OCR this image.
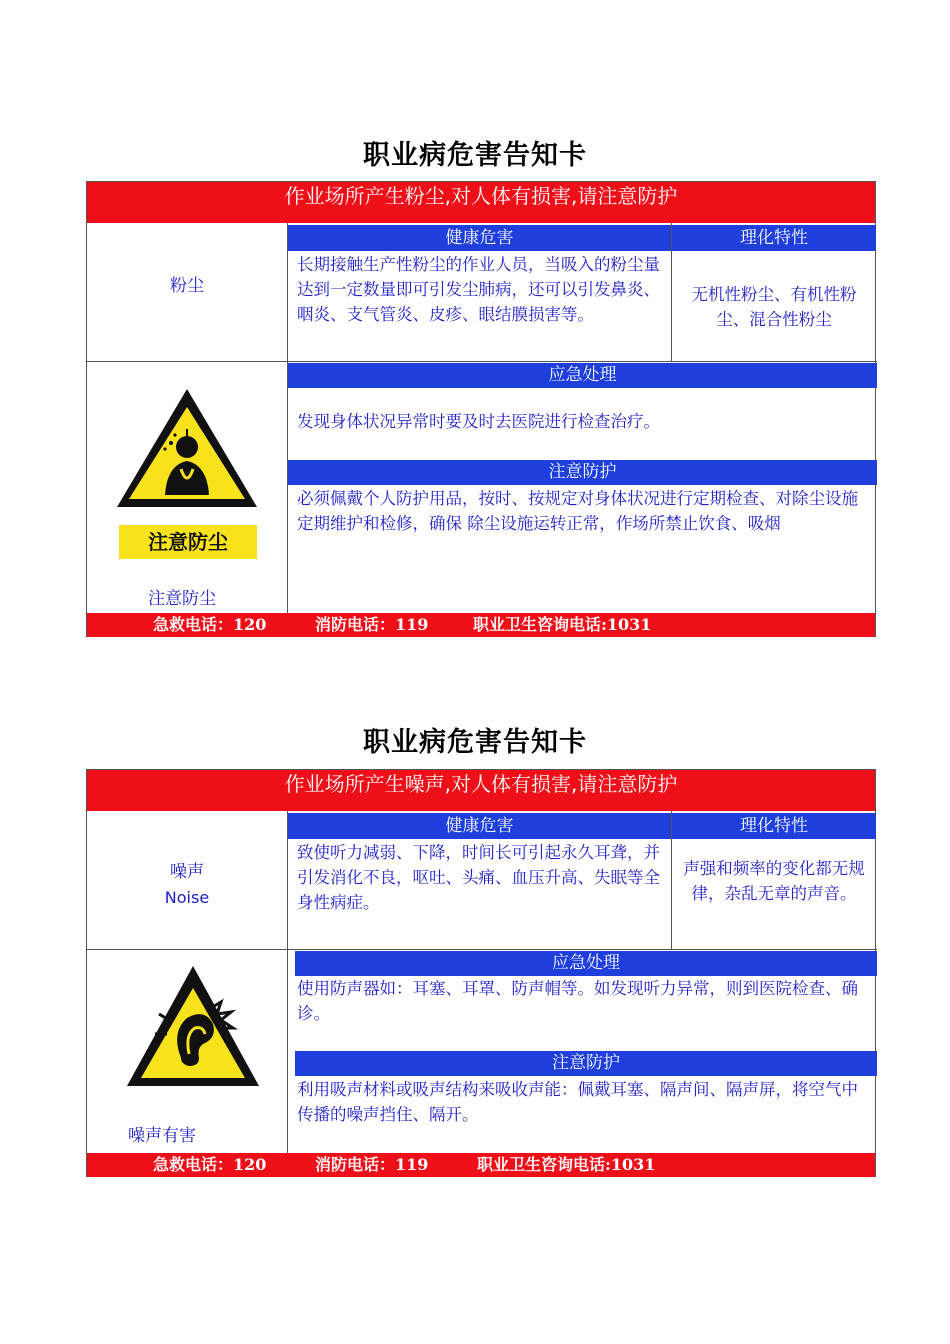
职业病危害告知卡
作业场所产生粉尘,对人体有损害,请注意防护
粉尘
健康危害	理化特性
长期接触生产性粉尘的作业人员，当吸入的粉尘量达到一定数量即可引发尘肺病，还可以引发鼻炎、咽炎、支气管炎、皮疹、眼结膜损害等。
无机性粉尘、有机性粉尘、混合性粉尘
注意防尘
注意防尘
应急处理
发现身体状况异常时要及时去医院进行检查治疗。
注意防护
必须佩戴个人防护用品，按时、按规定对身体状况进行定期检查、对除尘设施定期维护和检修，确保 除尘设施运转正常，作场所禁止饮食、吸烟
急救电话：120	消防电话：119	职业卫生咨询电话:1031
职业病危害告知卡
作业场所产生噪声,对人体有损害,请注意防护
噪声
Noise
健康危害	理化特性
致使听力减弱、下降，时间长可引起永久耳聋，并引发消化不良，呕吐、头痛、血压升高、失眠等全身性病症。
声强和频率的变化都无规律，杂乱无章的声音。
噪声有害
应急处理
使用防声器如：耳塞、耳罩、防声帽等。如发现听力异常，则到医院检查、确诊。
注意防护
利用吸声材料或吸声结构来吸收声能：佩戴耳塞、隔声间、隔声屏，将空气中传播的噪声挡住、隔开。
急救电话：120	消防电话：119	职业卫生咨询电话:1031
